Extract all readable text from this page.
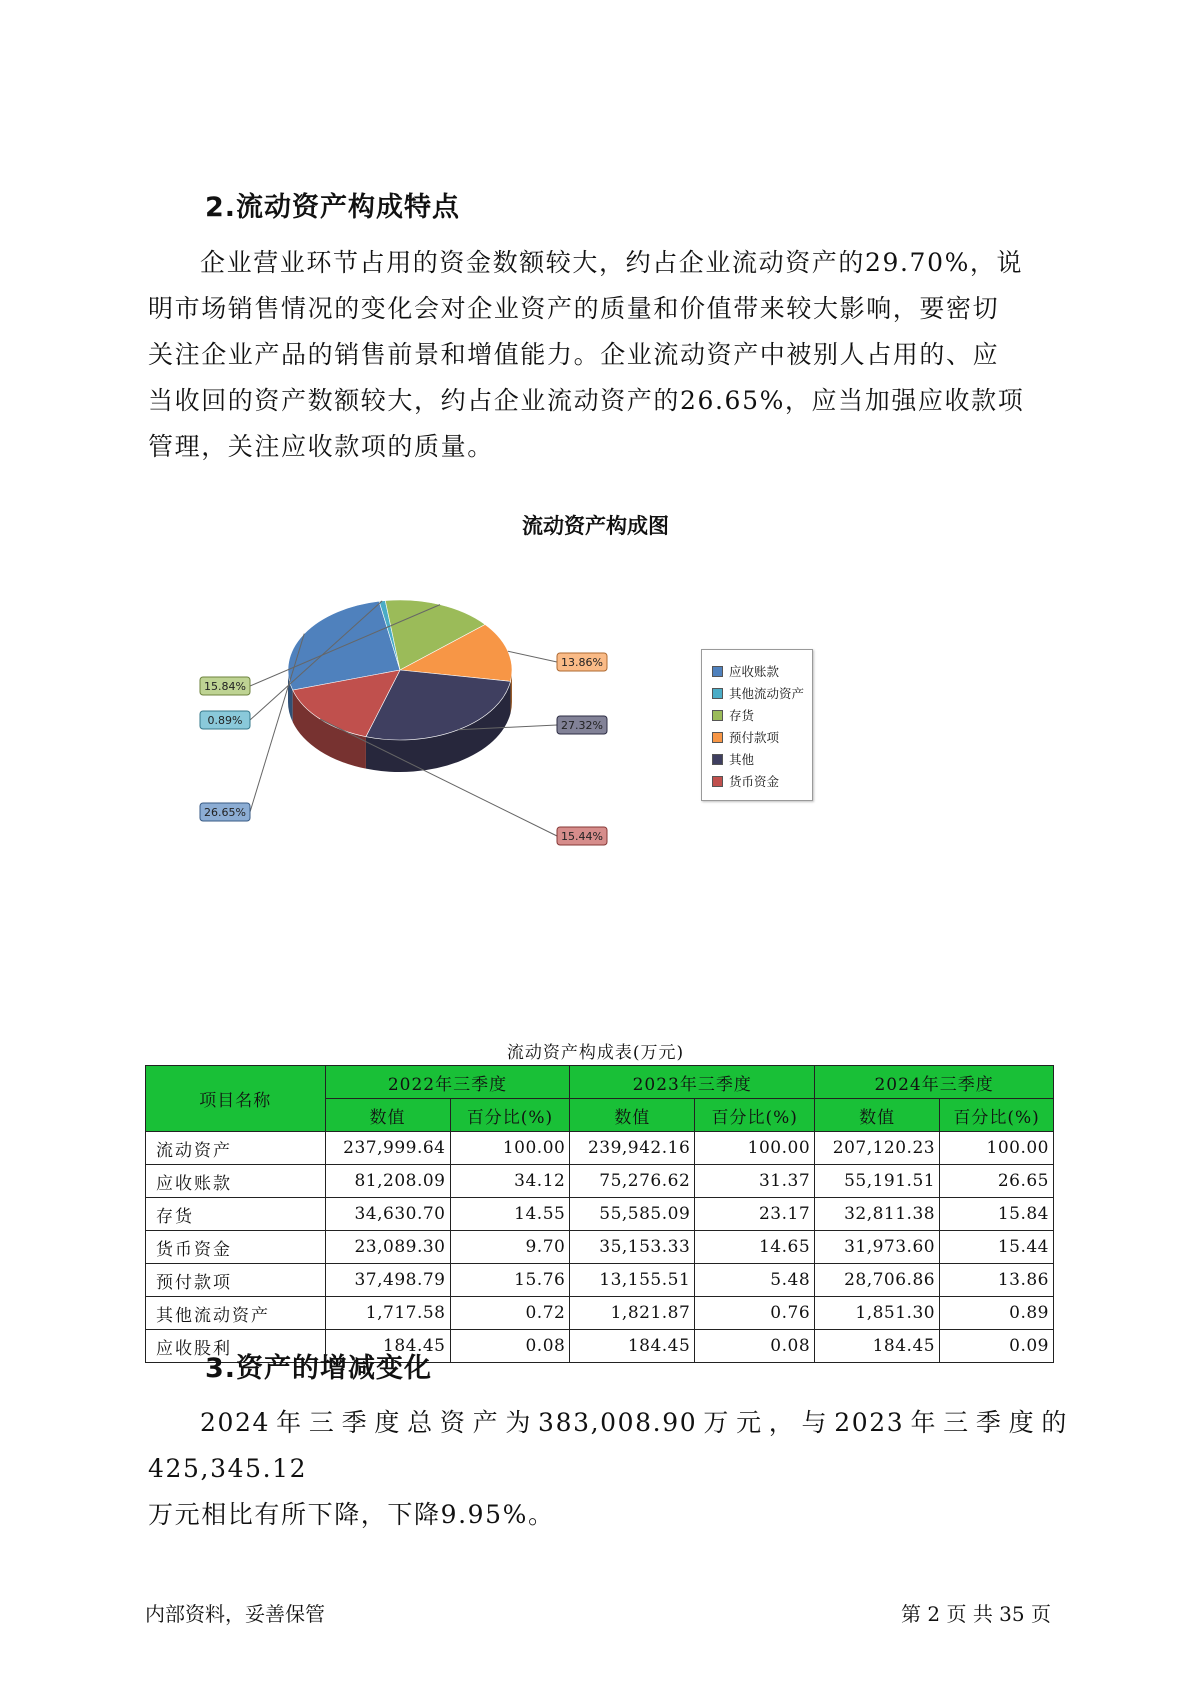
2.流动资产构成特点
企业营业环节占用的资金数额较大，约占企业流动资产的29.70%，说
明市场销售情况的变化会对企业资产的质量和价值带来较大影响，要密切
关注企业产品的销售前景和增值能力。企业流动资产中被别人占用的、应
当收回的资产数额较大，约占企业流动资产的26.65%，应当加强应收款项
管理，关注应收款项的质量。
流动资产构成图
26.65%
0.89%
15.84%
13.86%
27.32%
15.44%
应收账款
其他流动资产
存货
预付款项
其他
货币资金
流动资产构成表(万元)
项目名称	2022年三季度		2023年三季度		2024年三季度	
	数值	百分比(%)	数值	百分比(%)	数值	百分比(%)
流动资产	237,999.64	100.00	239,942.16	100.00	207,120.23	100.00
应收账款	81,208.09	34.12	75,276.62	31.37	55,191.51	26.65
存货	34,630.70	14.55	55,585.09	23.17	32,811.38	15.84
货币资金	23,089.30	9.70	35,153.33	14.65	31,973.60	15.44
预付款项	37,498.79	15.76	13,155.51	5.48	28,706.86	13.86
其他流动资产	1,717.58	0.72	1,821.87	0.76	1,851.30	0.89
应收股利	184.45	0.08	184.45	0.08	184.45	0.09
3.资产的增减变化
2024年三季度总资产为383,008.90万元，与2023年三季度的425,345.12
万元相比有所下降，下降9.95%。
内部资料，妥善保管	第 2 页 共 35 页
